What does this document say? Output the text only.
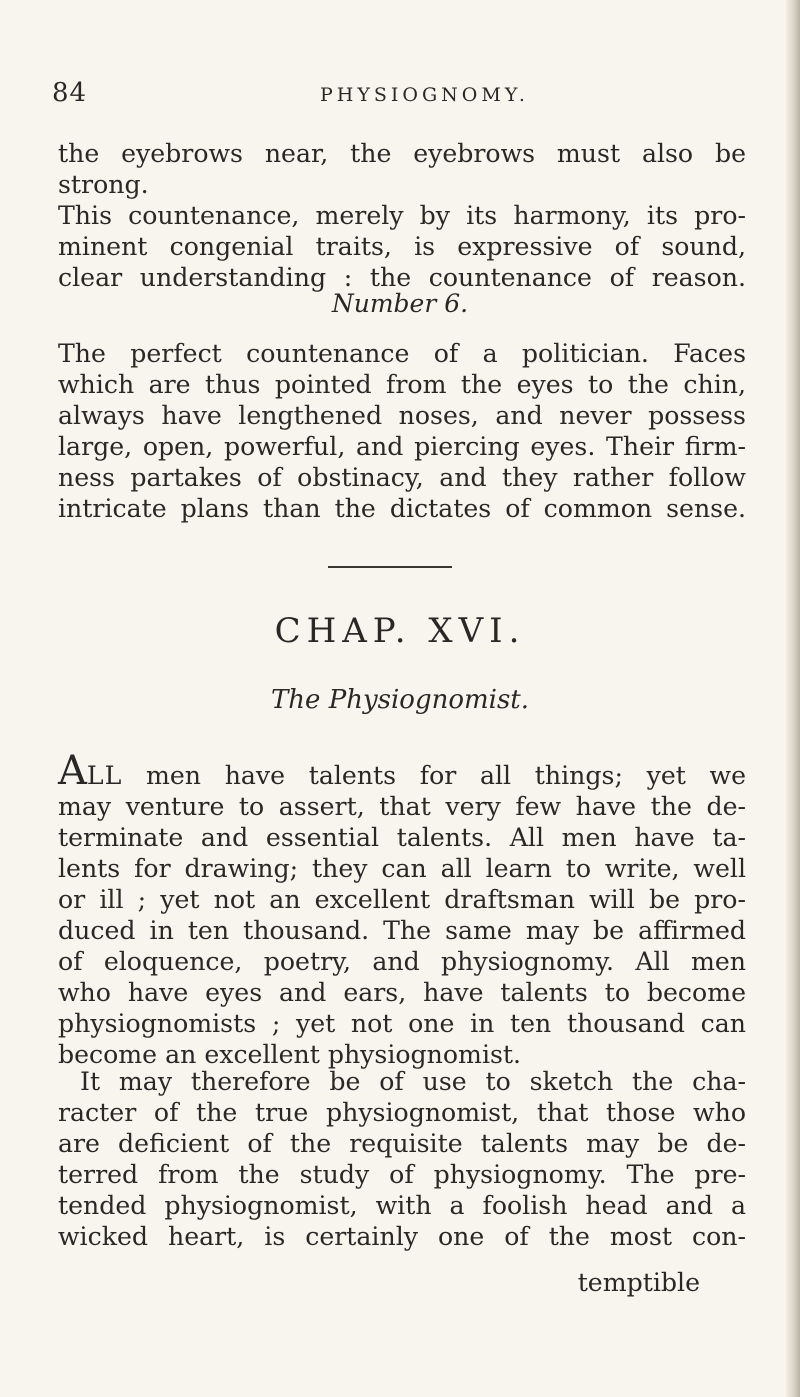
84	PHYSIOGNOMY.

the eyebrows near, the eyebrows must also be strong.
This countenance, merely by its harmony, its pro-
minent congenial traits, is expressive of sound,
clear understanding : the countenance of reason.

Number 6.

The perfect countenance of a politician. Faces
which are thus pointed from the eyes to the chin,
always have lengthened noses, and never possess
large, open, powerful, and piercing eyes. Their firm-
ness partakes of obstinacy, and they rather follow
intricate plans than the dictates of common sense.

CHAP. XVI.
The Physiognomist.

ALL men have talents for all things; yet we
may venture to assert, that very few have the de-
terminate and essential talents. All men have ta-
lents for drawing; they can all learn to write, well
or ill ; yet not an excellent draftsman will be pro-
duced in ten thousand. The same may be affirmed
of eloquence, poetry, and physiognomy. All men
who have eyes and ears, have talents to become
physiognomists ; yet not one in ten thousand can
become an excellent physiognomist.

It may therefore be of use to sketch the cha-
racter of the true physiognomist, that those who
are deficient of the requisite talents may be de-
terred from the study of physiognomy. The pre-
tended physiognomist, with a foolish head and a
wicked heart, is certainly one of the most con-

temptible
